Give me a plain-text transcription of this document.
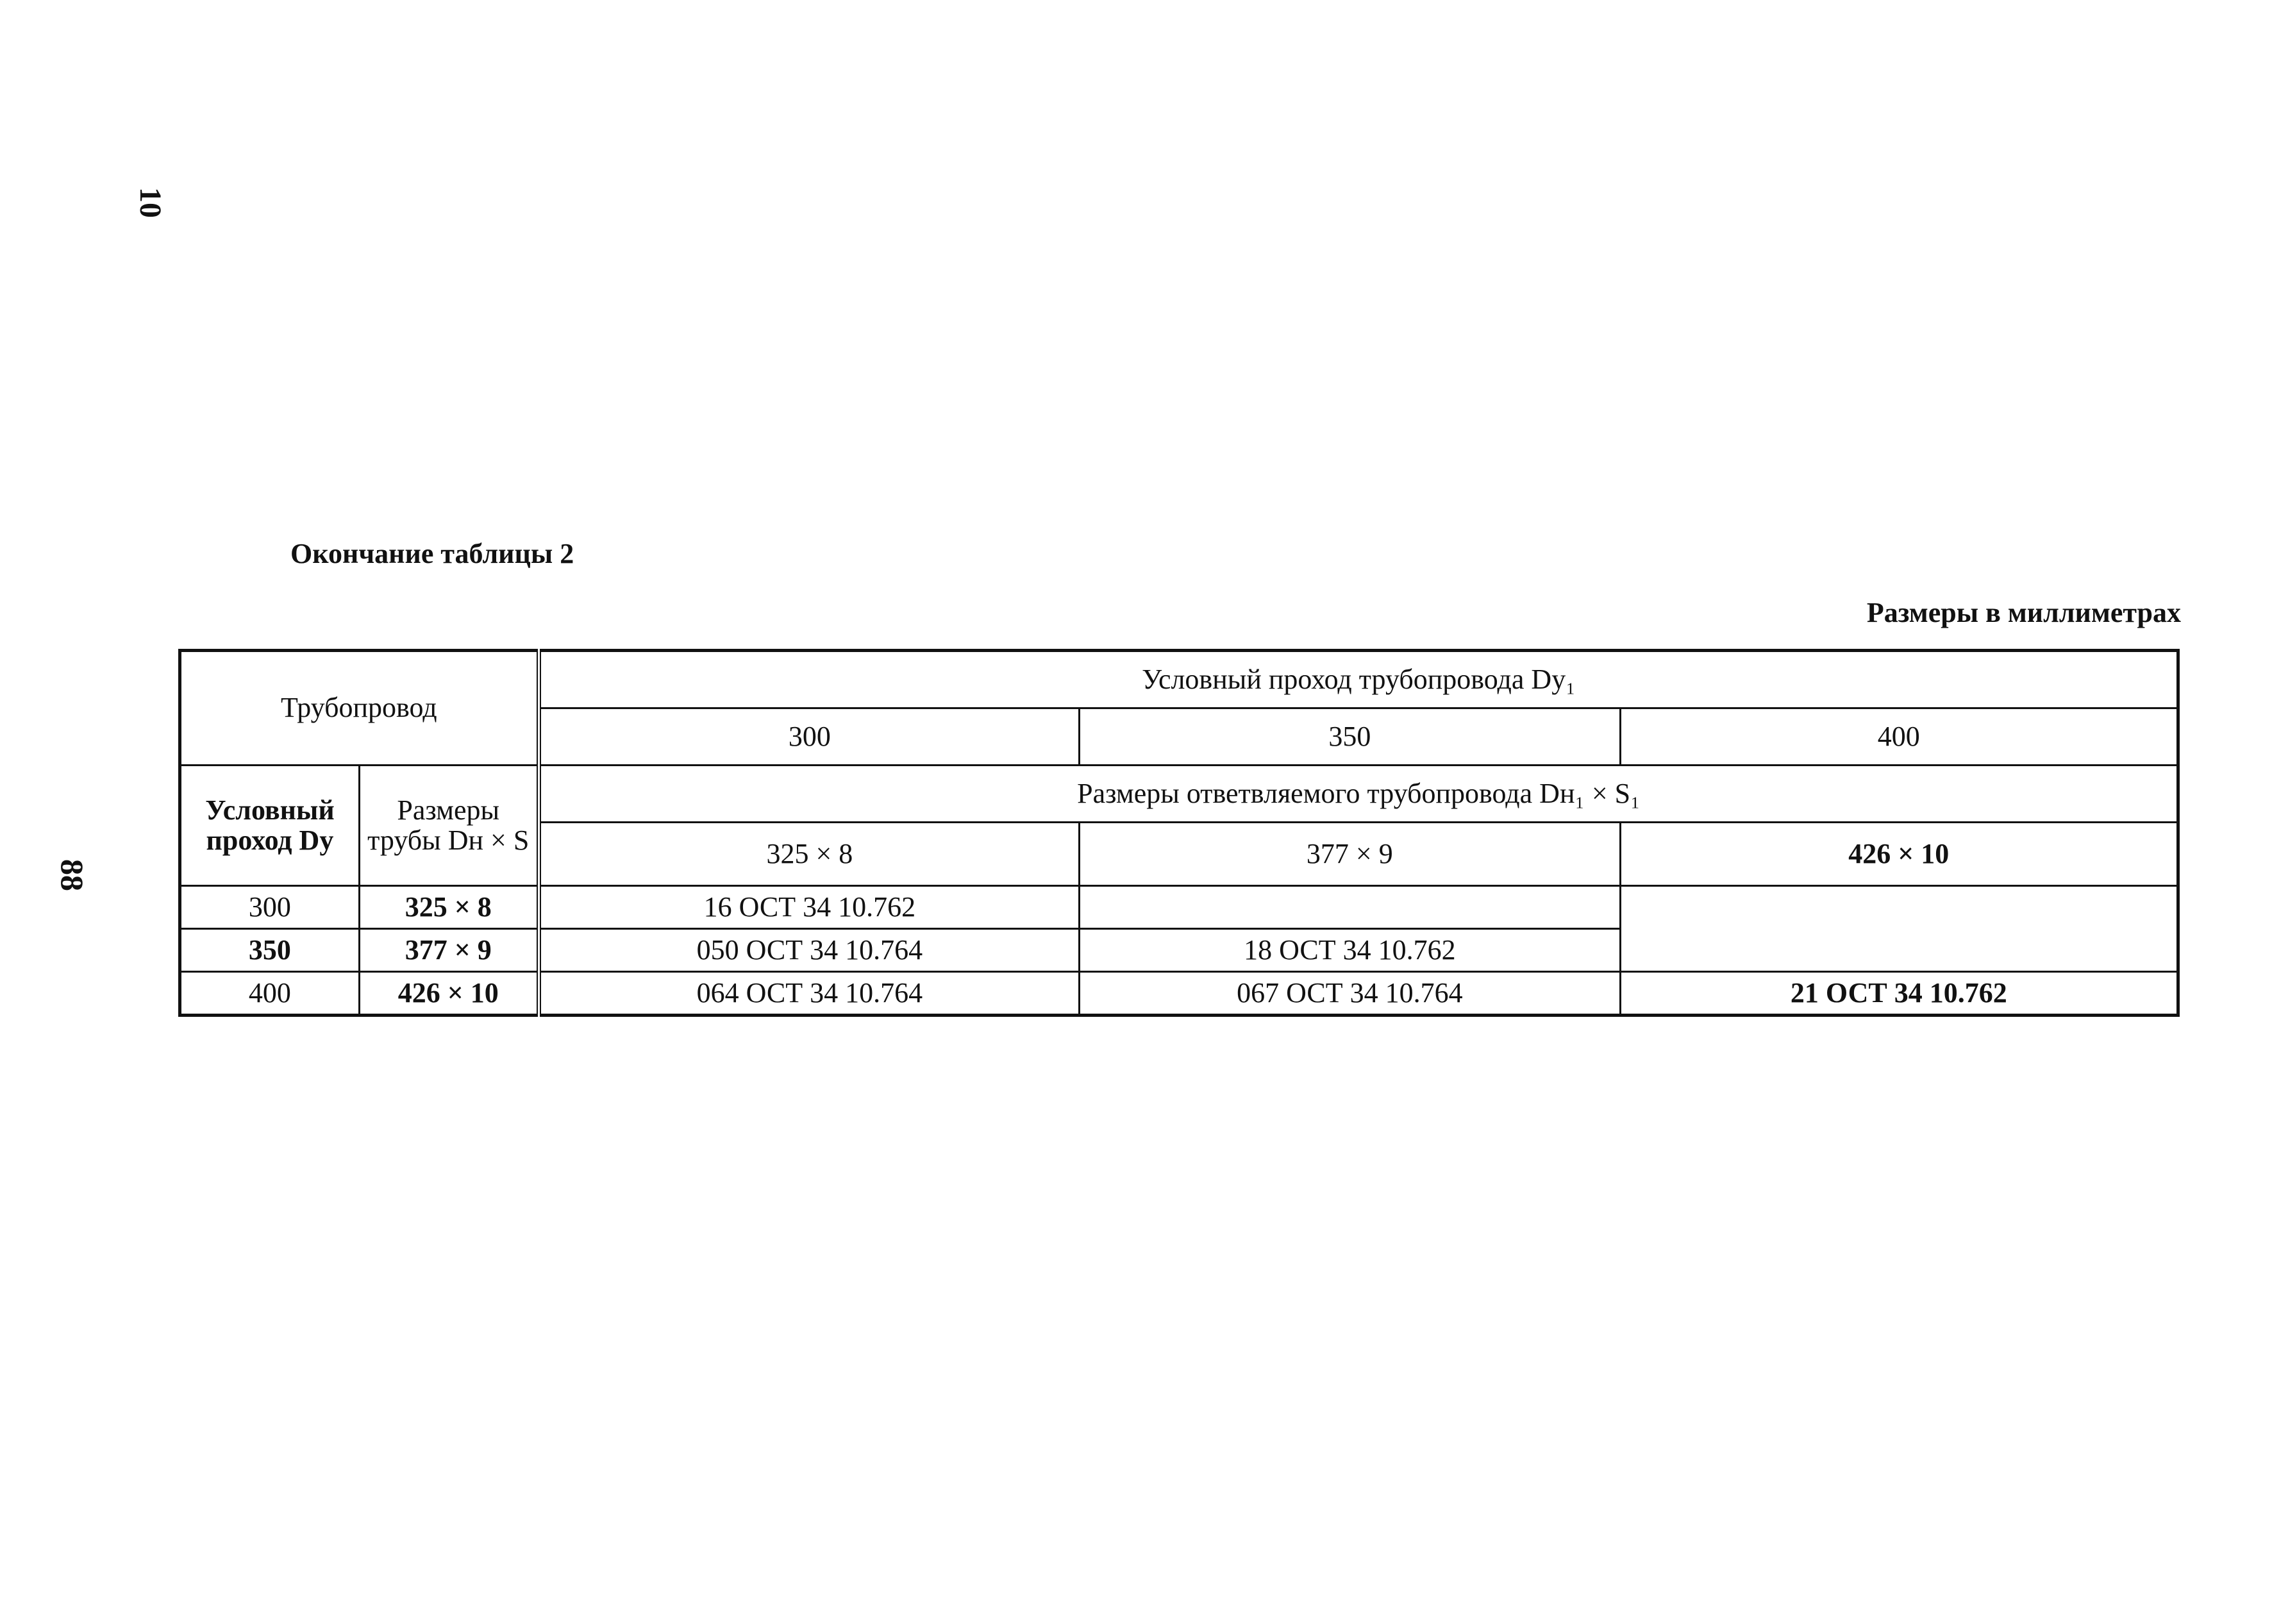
10
88
Окончание таблицы 2
Размеры в миллиметрах
Трубопровод		Условный проход трубопровода Dy₁		
		300	350	400
Условный проход Dy	Размеры трубы Dн × S	Размеры ответвляемого трубопровода Dн₁ × S₁		
		325 × 8	377 × 9	426 × 10
300	325 × 8	16 ОСТ 34 10.762		
350	377 × 9	050 ОСТ 34 10.764	18 ОСТ 34 10.762	
400	426 × 10	064 ОСТ 34 10.764	067 ОСТ 34 10.764	21 ОСТ 34 10.762
